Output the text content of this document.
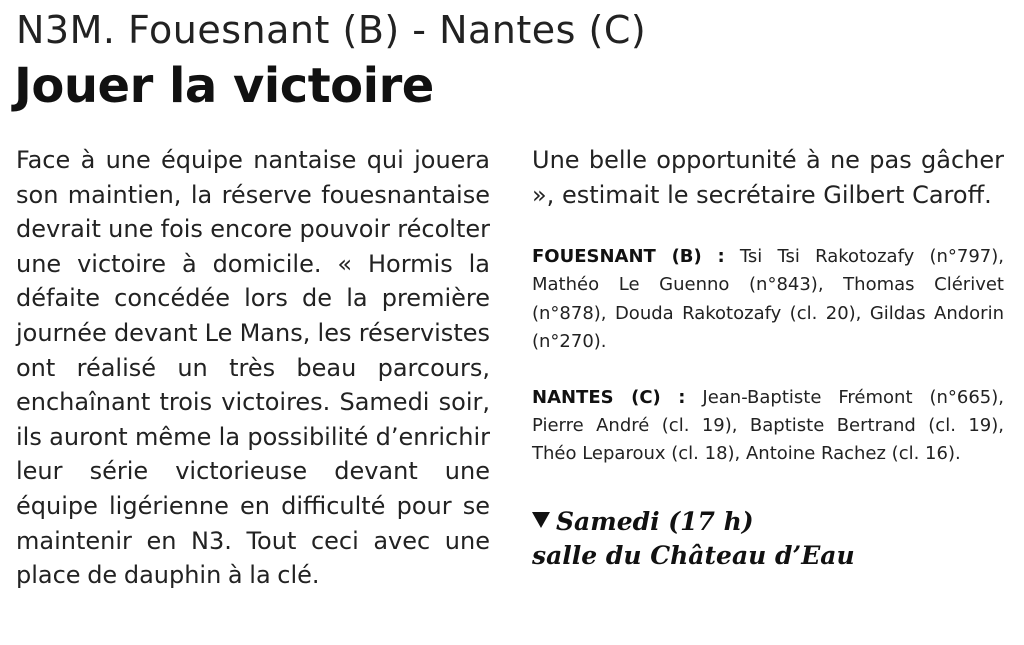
N3M. Fouesnant (B) - Nantes (C)
Jouer la victoire

Face à une équipe nantaise qui jouera son maintien, la réserve fouesnantaise devrait une fois encore pouvoir récolter une victoire à domicile. « Hormis la défaite concédée lors de la première journée devant Le Mans, les réservistes ont réalisé un très beau parcours, enchaînant trois victoires. Samedi soir, ils auront même la possibilité d’enrichir leur série victorieuse devant une équipe ligérienne en difficulté pour se maintenir en N3. Tout ceci avec une place de dauphin à la clé.

Une belle opportunité à ne pas gâcher », estimait le secrétaire Gilbert Caroff.

FOUESNANT (B) : Tsi Tsi Rakotozafy (n°797), Mathéo Le Guenno (n°843), Thomas Clérivet (n°878), Douda Rakotozafy (cl. 20), Gildas Andorin (n°270).

NANTES (C) : Jean-Baptiste Frémont (n°665), Pierre André (cl. 19), Baptiste Bertrand (cl. 19), Théo Leparoux (cl. 18), Antoine Rachez (cl. 16).

Samedi (17 h)
salle du Château d’Eau
